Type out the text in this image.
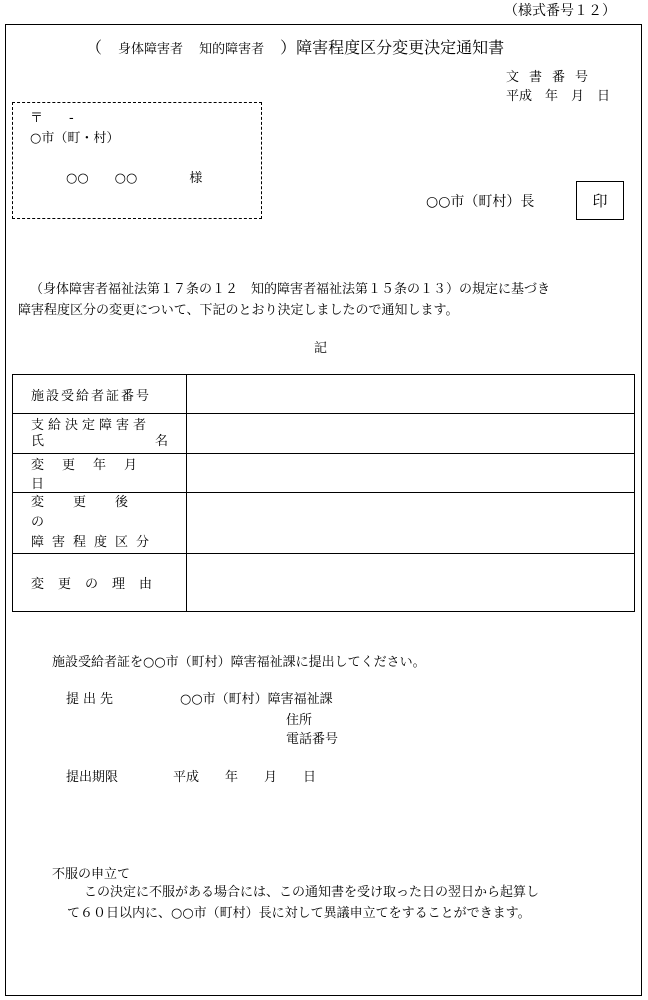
（様式番号１２）
（　 身体障害者　 知的障害者　 ）障害程度区分変更決定通知書
文書番号
平成　年　月　日
〒　　-
○市（町・村）
○○　　○○　　　　様
○○市（町村）長	印
（身体障害者福祉法第１７条の１２　知的障害者福祉法第１５条の１３）の規定に基づき
障害程度区分の変更について、下記のとおり決定しましたので通知します。
記
施設受給者証番号	

支給決定障害者
氏 名	

変更年月日	

変更後の
障害程度区分	

変更の理由	

施設受給者証を○○市（町村）障害福祉課に提出してください。
提出先	○○市（町村）障害福祉課
住所
電話番号
提出期限	平成　　年　　月　　日
不服の申立て
この決定に不服がある場合には、この通知書を受け取った日の翌日から起算し
て６０日以内に、○○市（町村）長に対して異議申立てをすることができます。
